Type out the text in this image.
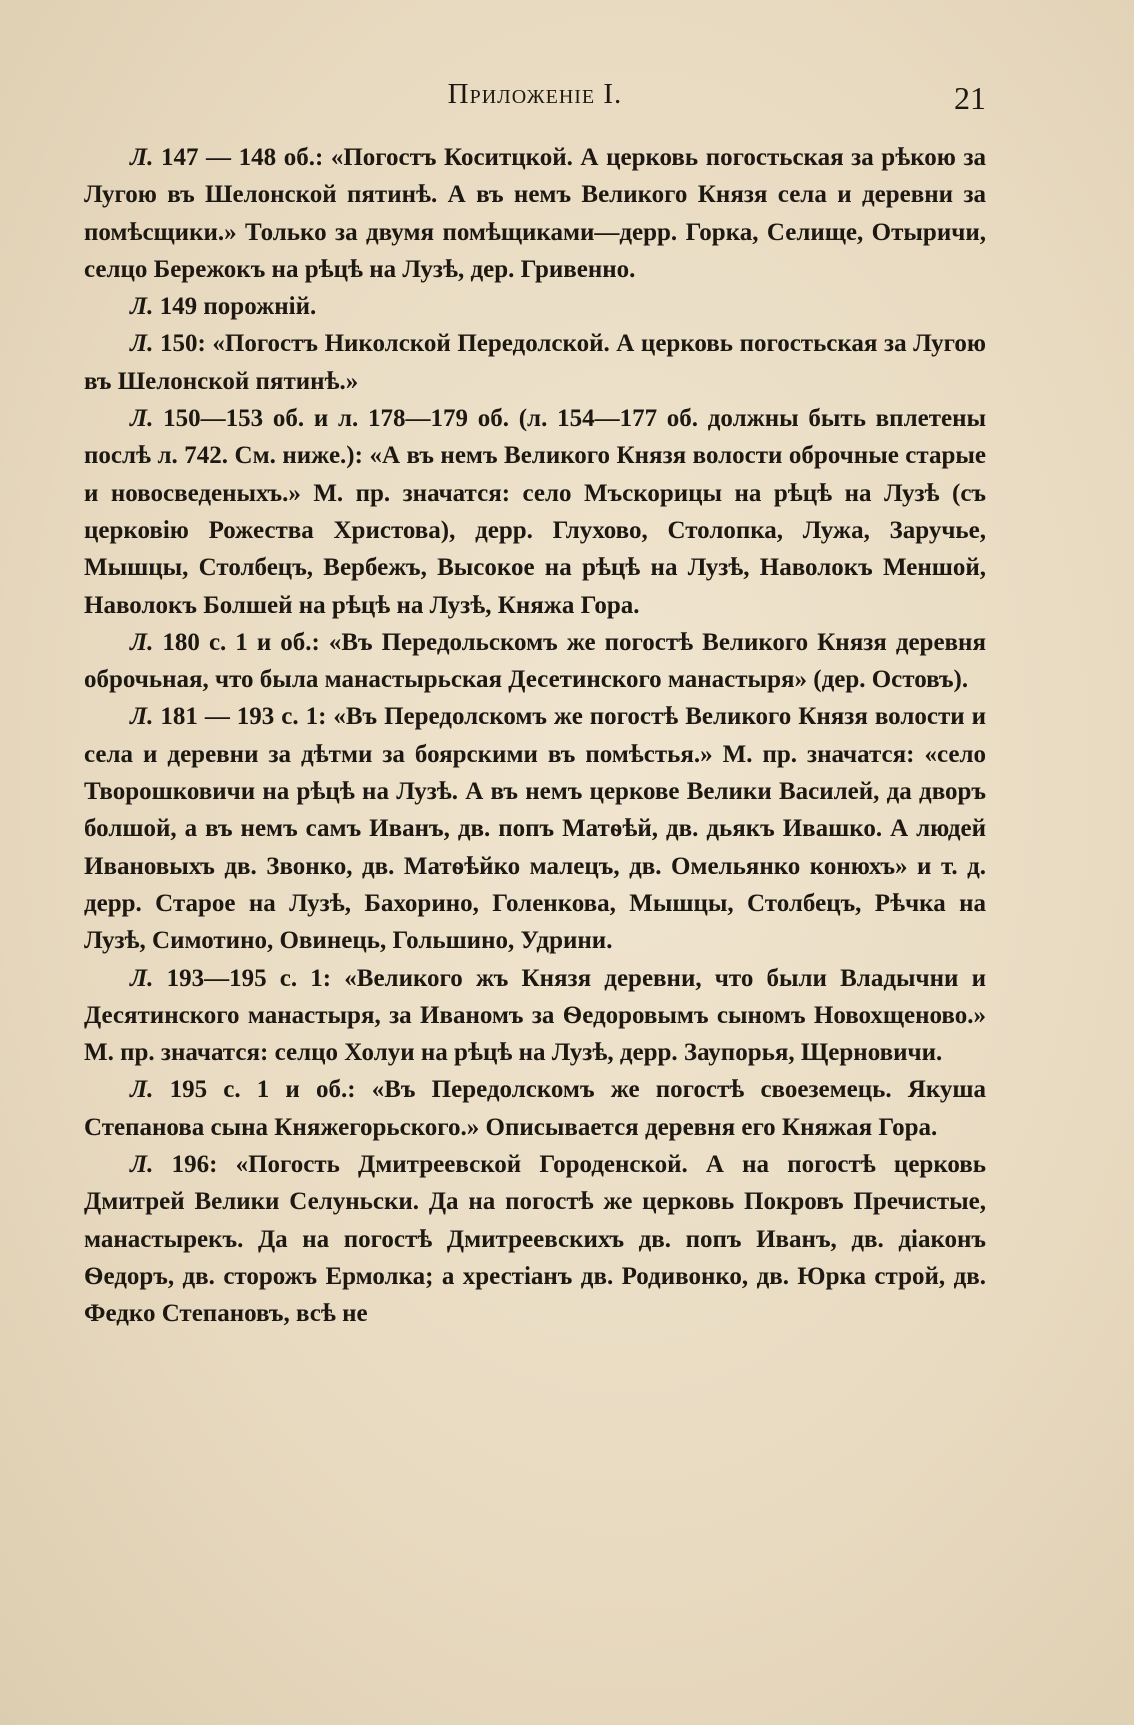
Приложеніе I.	21

Л. 147 — 148 об.: «Погостъ Коситцкой. А церковь погостьская за рѣкою за Лугою въ Шелонской пятинѣ. А въ немъ Великого Князя села и деревни за помѣсщики.» Только за двумя помѣщиками—дерр. Горка, Селище, Отыричи, селцо Бережокъ на рѣцѣ на Лузѣ, дер. Гривенно.

Л. 149 порожній.

Л. 150: «Погостъ Николской Передолской. А церковь погостьская за Лугою въ Шелонской пятинѣ.»

Л. 150—153 об. и л. 178—179 об. (л. 154—177 об. должны быть вплетены послѣ л. 742. См. ниже.): «А въ немъ Великого Князя волости оброчные старые и новосведеныхъ.» М. пр. значатся: село Мъскорицы на рѣцѣ на Лузѣ (съ церковію Рожества Христова), дерр. Глухово, Столопка, Лужа, Заручье, Мышцы, Столбецъ, Вербежъ, Высокое на рѣцѣ на Лузѣ, Наволокъ Меншой, Наволокъ Болшей на рѣцѣ на Лузѣ, Княжа Гора.

Л. 180 с. 1 и об.: «Въ Передольскомъ же погостѣ Великого Князя деревня оброчьная, что была манастырьская Десетинского манастыря» (дер. Остовъ).

Л. 181 — 193 с. 1: «Въ Передолскомъ же погостѣ Великого Князя волости и села и деревни за дѣтми за боярскими въ помѣстья.» М. пр. значатся: «село Творошковичи на рѣцѣ на Лузѣ. А въ немъ церкове Велики Василей, да дворъ болшой, а въ немъ самъ Иванъ, дв. попъ Матѳѣй, дв. дьякъ Ивашко. А людей Ивановыхъ дв. Звонко, дв. Матѳѣйко малецъ, дв. Омельянко конюхъ» и т. д. дерр. Старое на Лузѣ, Бахорино, Голенкова, Мышцы, Столбецъ, Рѣчка на Лузѣ, Симотино, Овинець, Гольшино, Удрини.

Л. 193—195 с. 1: «Великого жъ Князя деревни, что были Владычни и Десятинского манастыря, за Иваномъ за Ѳедоровымъ сыномъ Новохщеново.» М. пр. значатся: селцо Холуи на рѣцѣ на Лузѣ, дерр. Заупорья, Щерновичи.

Л. 195 с. 1 и об.: «Въ Передолскомъ же погостѣ своеземець. Якуша Степанова сына Княжегорьского.» Описывается деревня его Княжая Гора.

Л. 196: «Погость Дмитреевской Городенской. А на погостѣ церковь Дмитрей Велики Селуньски. Да на погостѣ же церковь Покровъ Пречистые, манастырекъ. Да на погостѣ Дмитреевскихъ дв. попъ Иванъ, дв. діаконъ Ѳедоръ, дв. сторожъ Ермолка; а хрестіанъ дв. Родивонко, дв. Юрка строй, дв. Федко Степановъ, всѣ не
